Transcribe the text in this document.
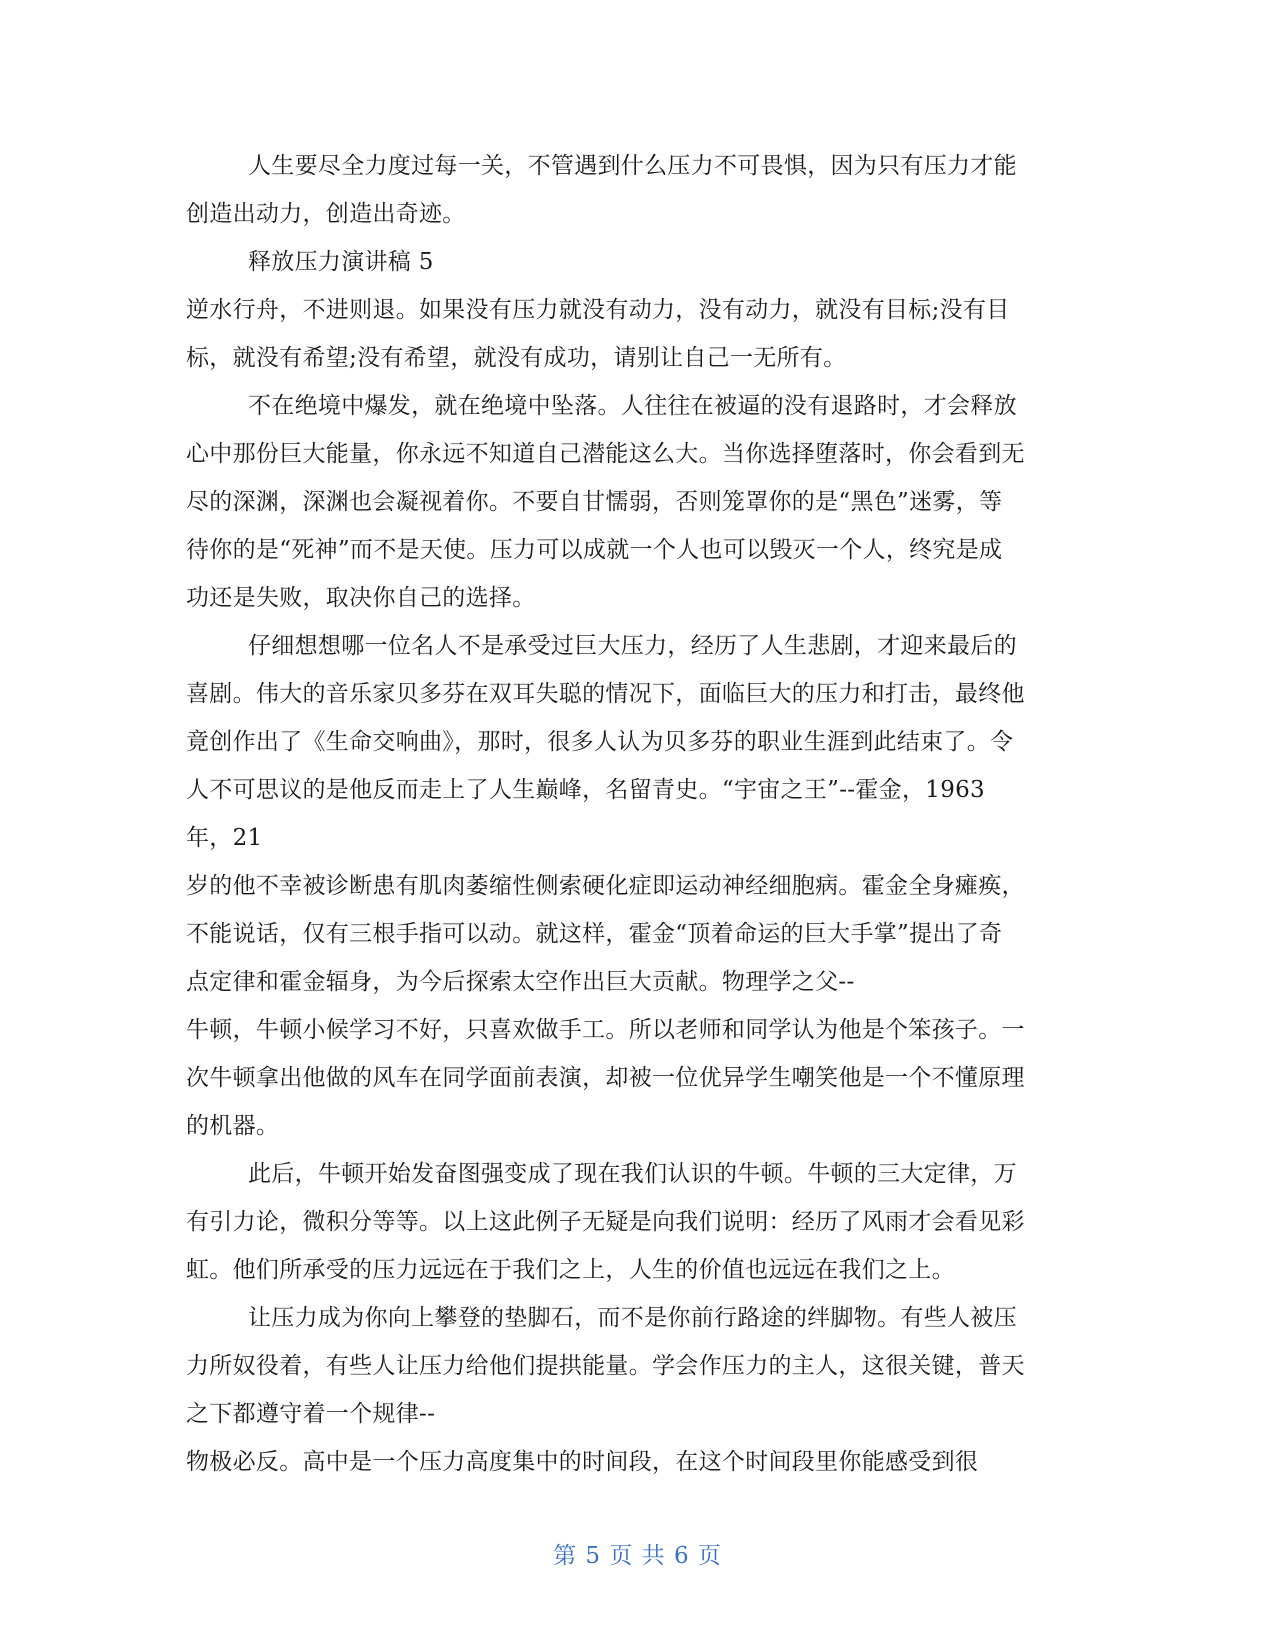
人生要尽全力度过每一关，不管遇到什么压力不可畏惧，因为只有压力才能
创造出动力，创造出奇迹。
释放压力演讲稿 5
逆水行舟，不进则退。如果没有压力就没有动力，没有动力，就没有目标;没有目
标，就没有希望;没有希望，就没有成功，请别让自己一无所有。
不在绝境中爆发，就在绝境中坠落。人往往在被逼的没有退路时，才会释放
心中那份巨大能量，你永远不知道自己潜能这么大。当你选择堕落时，你会看到无
尽的深渊，深渊也会凝视着你。不要自甘懦弱，否则笼罩你的是“黑色”迷雾，等
待你的是“死神”而不是天使。压力可以成就一个人也可以毁灭一个人，终究是成
功还是失败，取决你自己的选择。
仔细想想哪一位名人不是承受过巨大压力，经历了人生悲剧，才迎来最后的
喜剧。伟大的音乐家贝多芬在双耳失聪的情况下，面临巨大的压力和打击，最终他
竟创作出了《生命交响曲》，那时，很多人认为贝多芬的职业生涯到此结束了。令
人不可思议的是他反而走上了人生巅峰，名留青史。“宇宙之王”--霍金，1963
年，21
岁的他不幸被诊断患有肌肉萎缩性侧索硬化症即运动神经细胞病。霍金全身瘫痪，
不能说话，仅有三根手指可以动。就这样，霍金“顶着命运的巨大手掌”提出了奇
点定律和霍金辐身，为今后探索太空作出巨大贡献。物理学之父--
牛顿，牛顿小候学习不好，只喜欢做手工。所以老师和同学认为他是个笨孩子。一
次牛顿拿出他做的风车在同学面前表演，却被一位优异学生嘲笑他是一个不懂原理
的机器。
此后，牛顿开始发奋图强变成了现在我们认识的牛顿。牛顿的三大定律，万
有引力论，微积分等等。以上这此例子无疑是向我们说明：经历了风雨才会看见彩
虹。他们所承受的压力远远在于我们之上，人生的价值也远远在我们之上。
让压力成为你向上攀登的垫脚石，而不是你前行路途的绊脚物。有些人被压
力所奴役着，有些人让压力给他们提拱能量。学会作压力的主人，这很关键，普天
之下都遵守着一个规律--
物极必反。高中是一个压力高度集中的时间段，在这个时间段里你能感受到很
第 5 页 共 6 页
